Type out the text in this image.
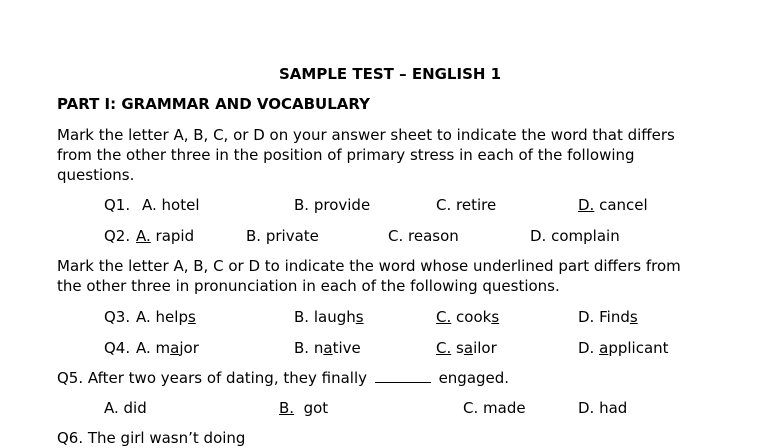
SAMPLE TEST – ENGLISH 1
PART I: GRAMMAR AND VOCABULARY
Mark the letter A, B, C, or D on your answer sheet to indicate the word that differs
from the other three in the position of primary stress in each of the following
questions.
Q1. A. hotel	B. provide	C. retire	D. cancel
Q2. A. rapid	B. private	C. reason	D. complain
Mark the letter A, B, C or D to indicate the word whose underlined part differs from
the other three in pronunciation in each of the following questions.
Q3. A. helps	B. laughs	C. cooks	D. Finds
Q4. A. major	B. native	C. sailor	D. applicant
Q5. After two years of dating, they finally	engaged.
A. did	B. got	C. made	D. had
Q6. The girl wasn’t doing
